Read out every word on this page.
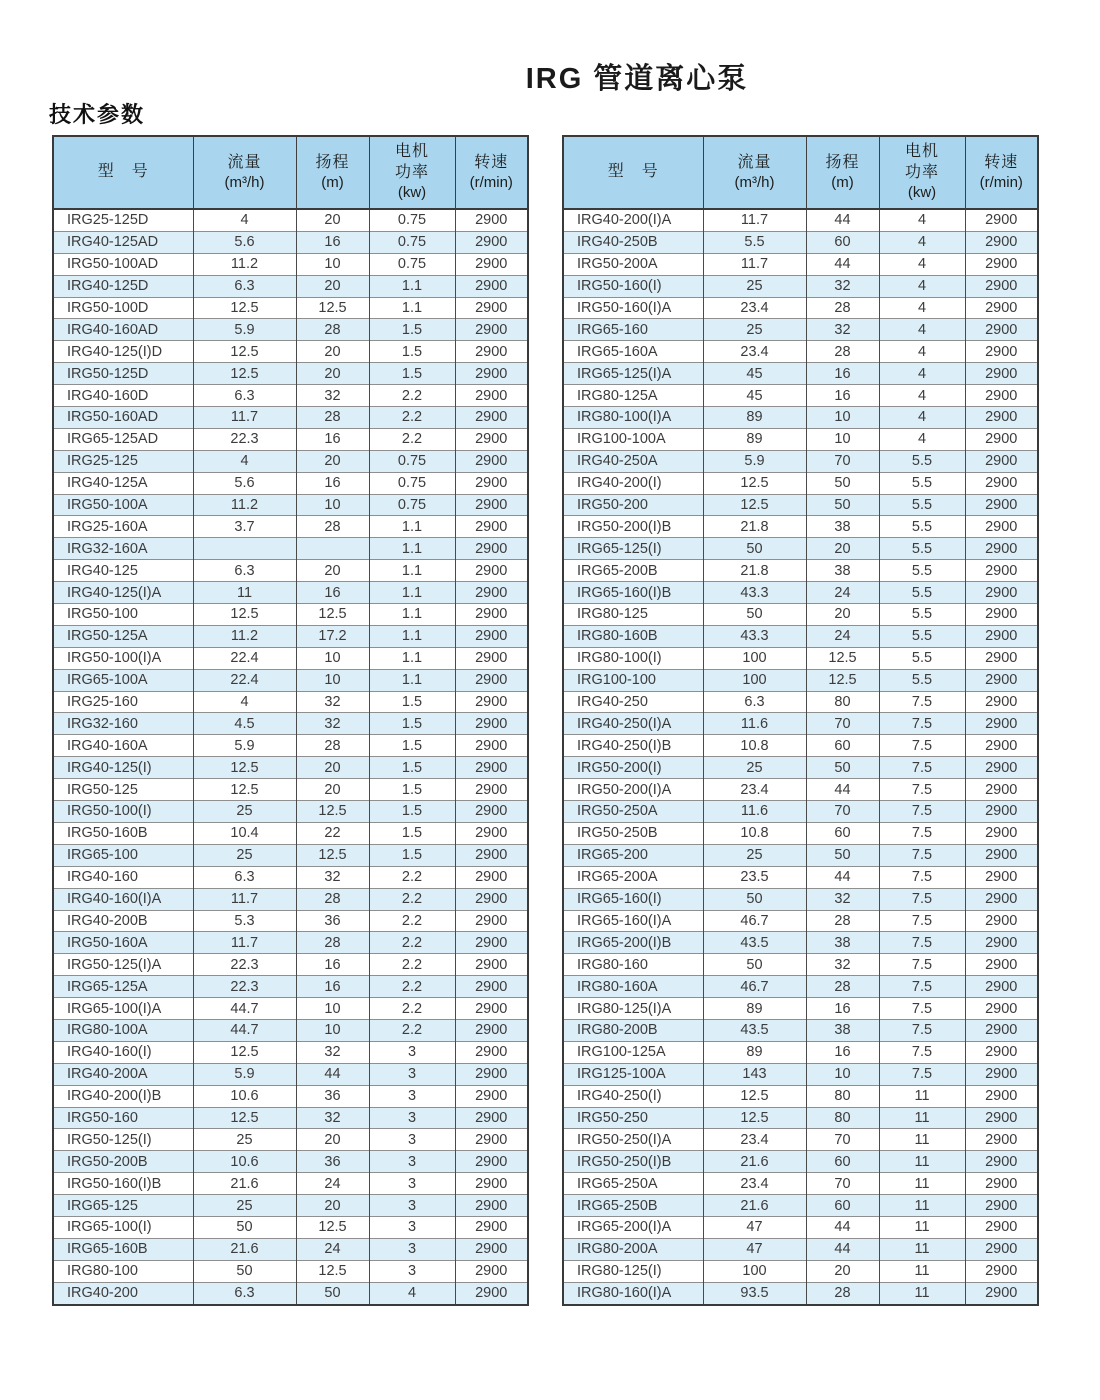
IRG 管道离心泵
技术参数
型　号

流量
(m³/h)

扬程
(m)

电机
功率
(kw)

转速
(r/min)

IRG25-125D	4	20	0.75	2900
IRG40-125AD	5.6	16	0.75	2900
IRG50-100AD	11.2	10	0.75	2900
IRG40-125D	6.3	20	1.1	2900
IRG50-100D	12.5	12.5	1.1	2900
IRG40-160AD	5.9	28	1.5	2900
IRG40-125(I)D	12.5	20	1.5	2900
IRG50-125D	12.5	20	1.5	2900
IRG40-160D	6.3	32	2.2	2900
IRG50-160AD	11.7	28	2.2	2900
IRG65-125AD	22.3	16	2.2	2900
IRG25-125	4	20	0.75	2900
IRG40-125A	5.6	16	0.75	2900
IRG50-100A	11.2	10	0.75	2900
IRG25-160A	3.7	28	1.1	2900
IRG32-160A			1.1	2900
IRG40-125	6.3	20	1.1	2900
IRG40-125(I)A	11	16	1.1	2900
IRG50-100	12.5	12.5	1.1	2900
IRG50-125A	11.2	17.2	1.1	2900
IRG50-100(I)A	22.4	10	1.1	2900
IRG65-100A	22.4	10	1.1	2900
IRG25-160	4	32	1.5	2900
IRG32-160	4.5	32	1.5	2900
IRG40-160A	5.9	28	1.5	2900
IRG40-125(I)	12.5	20	1.5	2900
IRG50-125	12.5	20	1.5	2900
IRG50-100(I)	25	12.5	1.5	2900
IRG50-160B	10.4	22	1.5	2900
IRG65-100	25	12.5	1.5	2900
IRG40-160	6.3	32	2.2	2900
IRG40-160(I)A	11.7	28	2.2	2900
IRG40-200B	5.3	36	2.2	2900
IRG50-160A	11.7	28	2.2	2900
IRG50-125(I)A	22.3	16	2.2	2900
IRG65-125A	22.3	16	2.2	2900
IRG65-100(I)A	44.7	10	2.2	2900
IRG80-100A	44.7	10	2.2	2900
IRG40-160(I)	12.5	32	3	2900
IRG40-200A	5.9	44	3	2900
IRG40-200(I)B	10.6	36	3	2900
IRG50-160	12.5	32	3	2900
IRG50-125(I)	25	20	3	2900
IRG50-200B	10.6	36	3	2900
IRG50-160(I)B	21.6	24	3	2900
IRG65-125	25	20	3	2900
IRG65-100(I)	50	12.5	3	2900
IRG65-160B	21.6	24	3	2900
IRG80-100	50	12.5	3	2900
IRG40-200	6.3	50	4	2900
型　号

流量
(m³/h)

扬程
(m)

电机
功率
(kw)

转速
(r/min)

IRG40-200(I)A	11.7	44	4	2900
IRG40-250B	5.5	60	4	2900
IRG50-200A	11.7	44	4	2900
IRG50-160(I)	25	32	4	2900
IRG50-160(I)A	23.4	28	4	2900
IRG65-160	25	32	4	2900
IRG65-160A	23.4	28	4	2900
IRG65-125(I)A	45	16	4	2900
IRG80-125A	45	16	4	2900
IRG80-100(I)A	89	10	4	2900
IRG100-100A	89	10	4	2900
IRG40-250A	5.9	70	5.5	2900
IRG40-200(I)	12.5	50	5.5	2900
IRG50-200	12.5	50	5.5	2900
IRG50-200(I)B	21.8	38	5.5	2900
IRG65-125(I)	50	20	5.5	2900
IRG65-200B	21.8	38	5.5	2900
IRG65-160(I)B	43.3	24	5.5	2900
IRG80-125	50	20	5.5	2900
IRG80-160B	43.3	24	5.5	2900
IRG80-100(I)	100	12.5	5.5	2900
IRG100-100	100	12.5	5.5	2900
IRG40-250	6.3	80	7.5	2900
IRG40-250(I)A	11.6	70	7.5	2900
IRG40-250(I)B	10.8	60	7.5	2900
IRG50-200(I)	25	50	7.5	2900
IRG50-200(I)A	23.4	44	7.5	2900
IRG50-250A	11.6	70	7.5	2900
IRG50-250B	10.8	60	7.5	2900
IRG65-200	25	50	7.5	2900
IRG65-200A	23.5	44	7.5	2900
IRG65-160(I)	50	32	7.5	2900
IRG65-160(I)A	46.7	28	7.5	2900
IRG65-200(I)B	43.5	38	7.5	2900
IRG80-160	50	32	7.5	2900
IRG80-160A	46.7	28	7.5	2900
IRG80-125(I)A	89	16	7.5	2900
IRG80-200B	43.5	38	7.5	2900
IRG100-125A	89	16	7.5	2900
IRG125-100A	143	10	7.5	2900
IRG40-250(I)	12.5	80	11	2900
IRG50-250	12.5	80	11	2900
IRG50-250(I)A	23.4	70	11	2900
IRG50-250(I)B	21.6	60	11	2900
IRG65-250A	23.4	70	11	2900
IRG65-250B	21.6	60	11	2900
IRG65-200(I)A	47	44	11	2900
IRG80-200A	47	44	11	2900
IRG80-125(I)	100	20	11	2900
IRG80-160(I)A	93.5	28	11	2900
